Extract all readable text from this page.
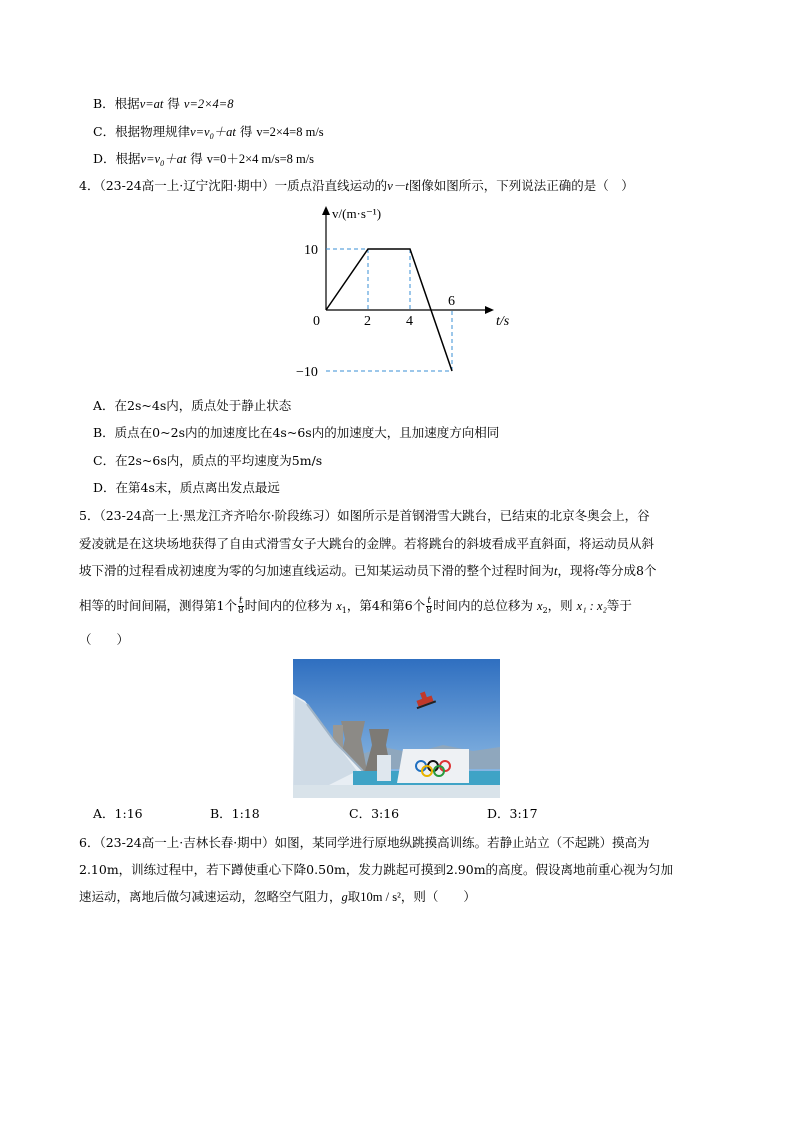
B．根据v=at 得 v=2×4=8
C．根据物理规律$v=v_0+at$ 得 v=2×4=8 m/s
D．根据$v=v_0+at$ 得 v=0＋2×4 m/s=8 m/s
4．（23-24高一上·辽宁沈阳·期中）一质点沿直线运动的v－t图像如图所示，下列说法正确的是（　）
0	2	4
6
10
−10
t/s
v/(m·s⁻¹)
A．在2s~4s内，质点处于静止状态
B．质点在0~2s内的加速度比在4s~6s内的加速度大，且加速度方向相同
C．在2s~6s内，质点的平均速度为5m/s
D．在第4s末，质点离出发点最远
5．（23-24高一上·黑龙江齐齐哈尔·阶段练习）如图所示是首钢滑雪大跳台，已结束的北京冬奥会上，谷
爱凌就是在这块场地获得了自由式滑雪女子大跳台的金牌。若将跳台的斜坡看成平直斜面，将运动员从斜
坡下滑的过程看成初速度为零的匀加速直线运动。已知某运动员下滑的整个过程时间为t，现将t等分成8个
相等的时间间隔，测得第1个 $\frac{t}{8}$ 时间内的位移为 $x_1$，第4和第6个 $\frac{t}{8}$ 时间内的总位移为 $x_2$，则 x₁ : x₂等于
（　　）
A．1:16	B．1:18	C．3:16	D．3:17
6．（23-24高一上·吉林长春·期中）如图，某同学进行原地纵跳摸高训练。若静止站立（不起跳）摸高为
2.10m，训练过程中，若下蹲使重心下降0.50m，发力跳起可摸到2.90m的高度。假设离地前重心视为匀加
速运动，离地后做匀减速运动，忽略空气阻力，g取10m / s²，则（　　）
